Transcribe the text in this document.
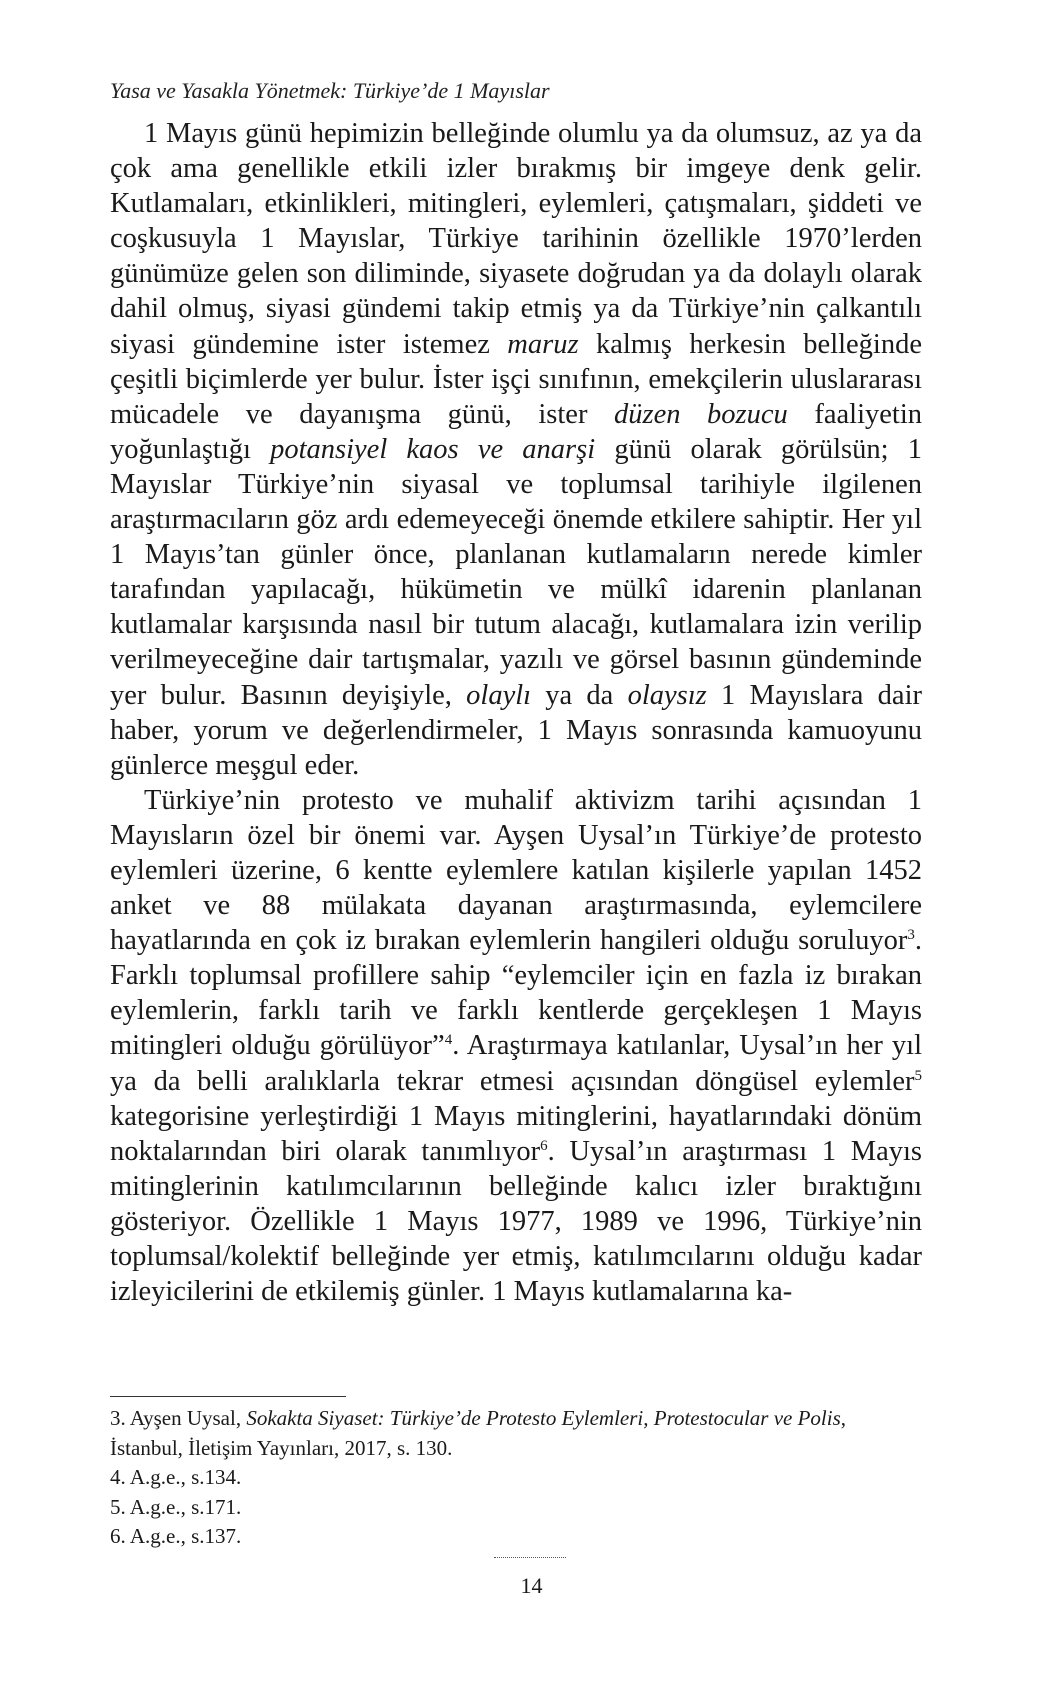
Yasa ve Yasakla Yönetmek: Türkiye’de 1 Mayıslar

1 Mayıs günü hepimizin belleğinde olumlu ya da olumsuz, az ya da çok ama genellikle etkili izler bırakmış bir imgeye denk gelir. Kutlamaları, etkinlikleri, mitingleri, eylemleri, çatışmaları, şiddeti ve coşkusuyla 1 Mayıslar, Türkiye tarihinin özellikle 1970’lerden günümüze gelen son diliminde, siyasete doğrudan ya da dolaylı olarak dahil olmuş, siyasi gündemi takip etmiş ya da Türkiye’nin çalkantılı siyasi gündemine ister istemez maruz kalmış herkesin belleğinde çeşitli biçimlerde yer bulur. İster işçi sınıfının, emekçilerin uluslararası mücadele ve dayanışma günü, ister düzen bozucu faaliyetin yoğunlaştığı potansiyel kaos ve anarşi günü olarak görülsün; 1 Mayıslar Türkiye’nin siyasal ve toplumsal tarihiyle ilgilenen araştırmacıların göz ardı edemeyeceği önemde etkilere sahiptir. Her yıl 1 Mayıs’tan günler önce, planlanan kutlamaların nerede kimler tarafından yapılacağı, hükümetin ve mülkî idarenin planlanan kutlamalar karşısında nasıl bir tutum alacağı, kutlamalara izin verilip verilmeyeceğine dair tartışmalar, yazılı ve görsel basının gündeminde yer bulur. Basının deyişiyle, olaylı ya da olaysız 1 Mayıslara dair haber, yorum ve değerlendirmeler, 1 Mayıs sonrasında kamuoyunu günlerce meşgul eder.

Türkiye’nin protesto ve muhalif aktivizm tarihi açısından 1 Mayısların özel bir önemi var. Ayşen Uysal’ın Türkiye’de protesto eylemleri üzerine, 6 kentte eylemlere katılan kişilerle yapılan 1452 anket ve 88 mülakata dayanan araştırmasında, eylemcilere hayatlarında en çok iz bırakan eylemlerin hangileri olduğu soruluyor$^3$. Farklı toplumsal profillere sahip “eylemciler için en fazla iz bırakan eylemlerin, farklı tarih ve farklı kentlerde gerçekleşen 1 Mayıs mitingleri olduğu görülüyor”$^4$. Araştırmaya katılanlar, Uysal’ın her yıl ya da belli aralıklarla tekrar etmesi açısından döngüsel eylemler$^5$ kategorisine yerleştirdiği 1 Mayıs mitinglerini, hayatlarındaki dönüm noktalarından biri olarak tanımlıyor$^6$. Uysal’ın araştırması 1 Mayıs mitinglerinin katılımcılarının belleğinde kalıcı izler bıraktığını gösteriyor. Özellikle 1 Mayıs 1977, 1989 ve 1996, Türkiye’nin toplumsal/kolektif belleğinde yer etmiş, katılımcılarını olduğu kadar izleyicilerini de etkilemiş günler. 1 Mayıs kutlamalarına ka-

3. Ayşen Uysal, Sokakta Siyaset: Türkiye’de Protesto Eylemleri, Protestocular ve Polis, İstanbul, İletişim Yayınları, 2017, s. 130.

4. A.g.e., s.134.

5. A.g.e., s.171.

6. A.g.e., s.137.

14
